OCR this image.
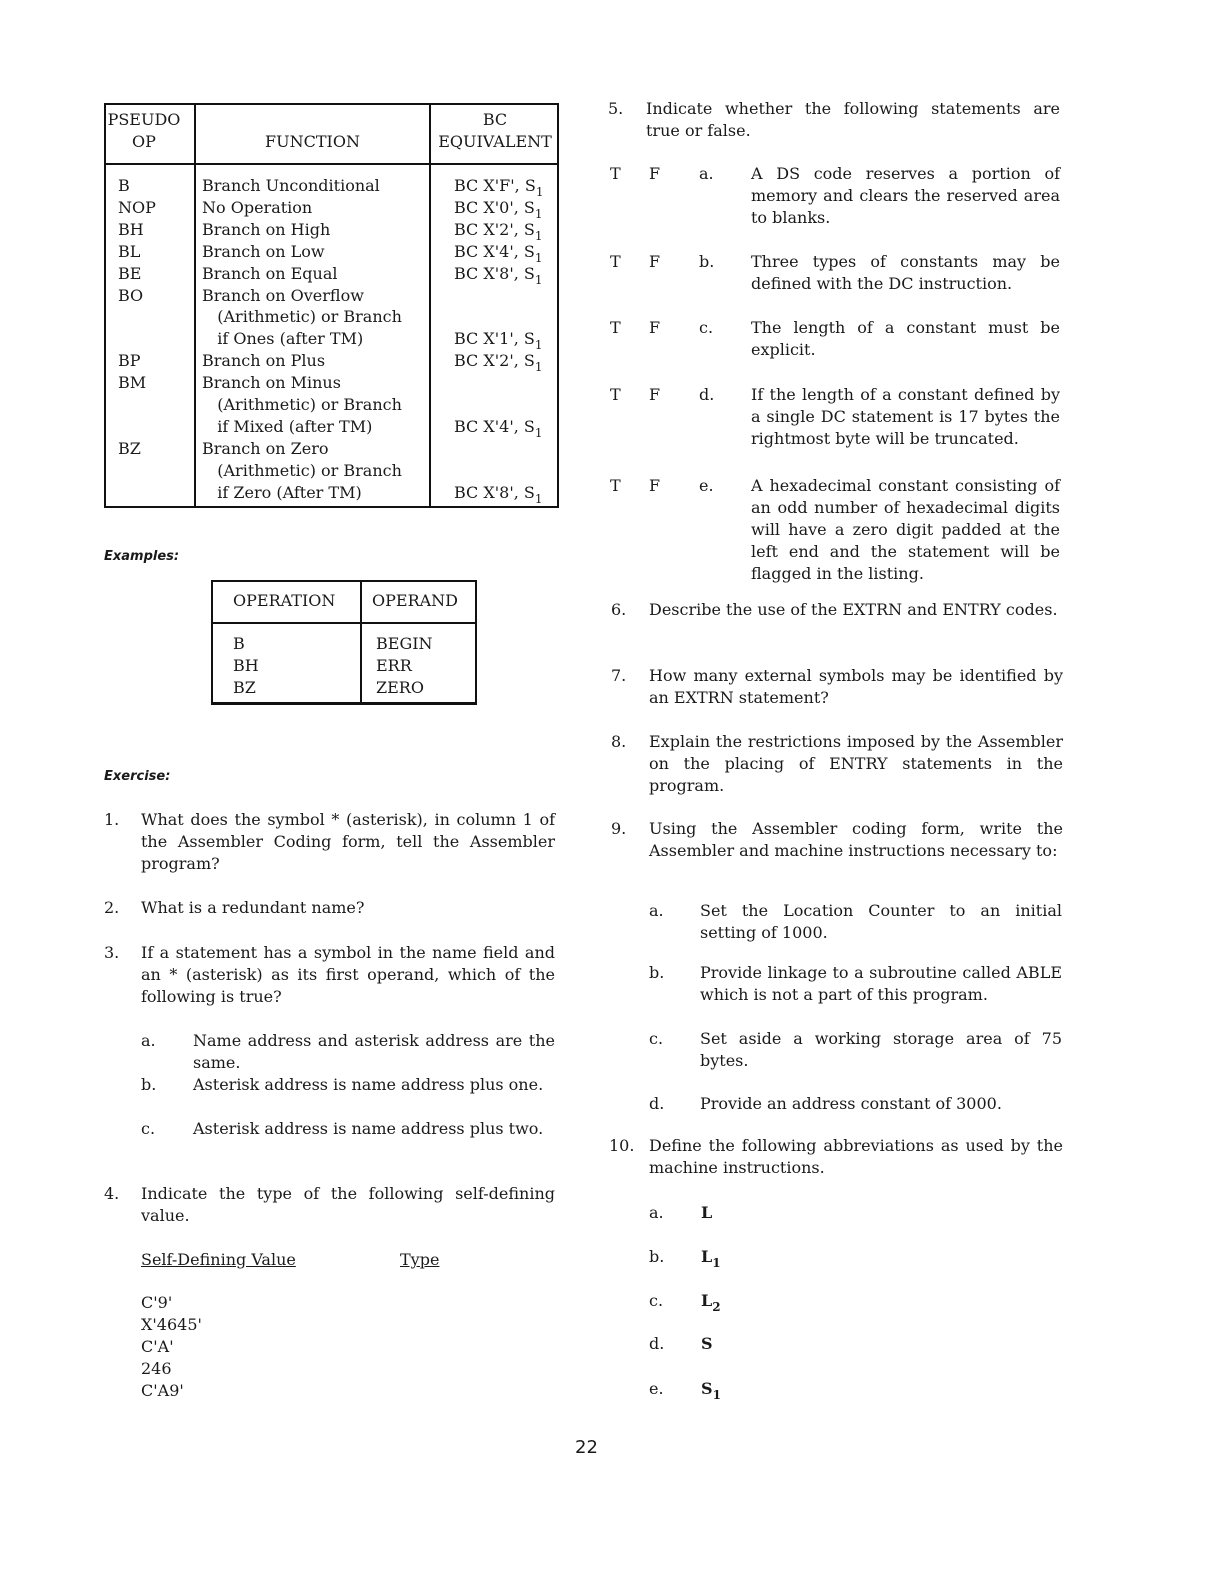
PSEUDO
OP	FUNCTION
BC
EQUIVALENT
B
NOP
BH
BL
BE
BO

BP
BM

BZ
Branch Unconditional
No Operation
Branch on High
Branch on Low
Branch on Equal
Branch on Overflow
(Arithmetic) or Branch
if Ones (after TM)
Branch on Plus
Branch on Minus
(Arithmetic) or Branch
if Mixed (after TM)
Branch on Zero
(Arithmetic) or Branch
if Zero (After TM)
BC X'F', $S_1$
BC X'0', $S_1$
BC X'2', $S_1$
BC X'4', $S_1$
BC X'8', $S_1$
BC X'1', $S_1$
BC X'2', $S_1$
BC X'4', $S_1$
BC X'8', $S_1$
Examples:
OPERATION OPERAND
B
BH
BZ
BEGIN
ERR
ZERO
Exercise:
1. What does the symbol * (asterisk), in column 1 of the Assembler Coding form, tell the Assembler program?
2. What is a redundant name?
3. If a statement has a symbol in the name field and an * (asterisk) as its first operand, which of the following is true?
a. Name address and asterisk address are the same.
b. Asterisk address is name address plus one.
c. Asterisk address is name address plus two.
4. Indicate the type of the following self-defining value.
Self-Defining Value	Type
C'9'
X'4645'
C'A'
246
C'A9'
5. Indicate whether the following statements are true or false.
T F a. A DS code reserves a portion of memory and clears the reserved area to blanks.
T F b. Three types of constants may be defined with the DC instruction.
T F c. The length of a constant must be explicit.
T F d. If the length of a constant defined by a single DC statement is 17 bytes the rightmost byte will be truncated.
T F e. A hexadecimal constant consisting of an odd number of hexadecimal digits will have a zero digit padded at the left end and the statement will be flagged in the listing.
6. Describe the use of the EXTRN and ENTRY codes.
7. How many external symbols may be identified by an EXTRN statement?
8. Explain the restrictions imposed by the Assembler on the placing of ENTRY statements in the program.
9. Using the Assembler coding form, write the Assembler and machine instructions necessary to:
a. Set the Location Counter to an initial setting of 1000.
b. Provide linkage to a subroutine called ABLE which is not a part of this program.
c. Set aside a working storage area of 75 bytes.
d. Provide an address constant of 3000.
10. Define the following abbreviations as used by the machine instructions.
a. L
b. $L_1$
c. $L_2$
d. S
e. $S_1$
22
